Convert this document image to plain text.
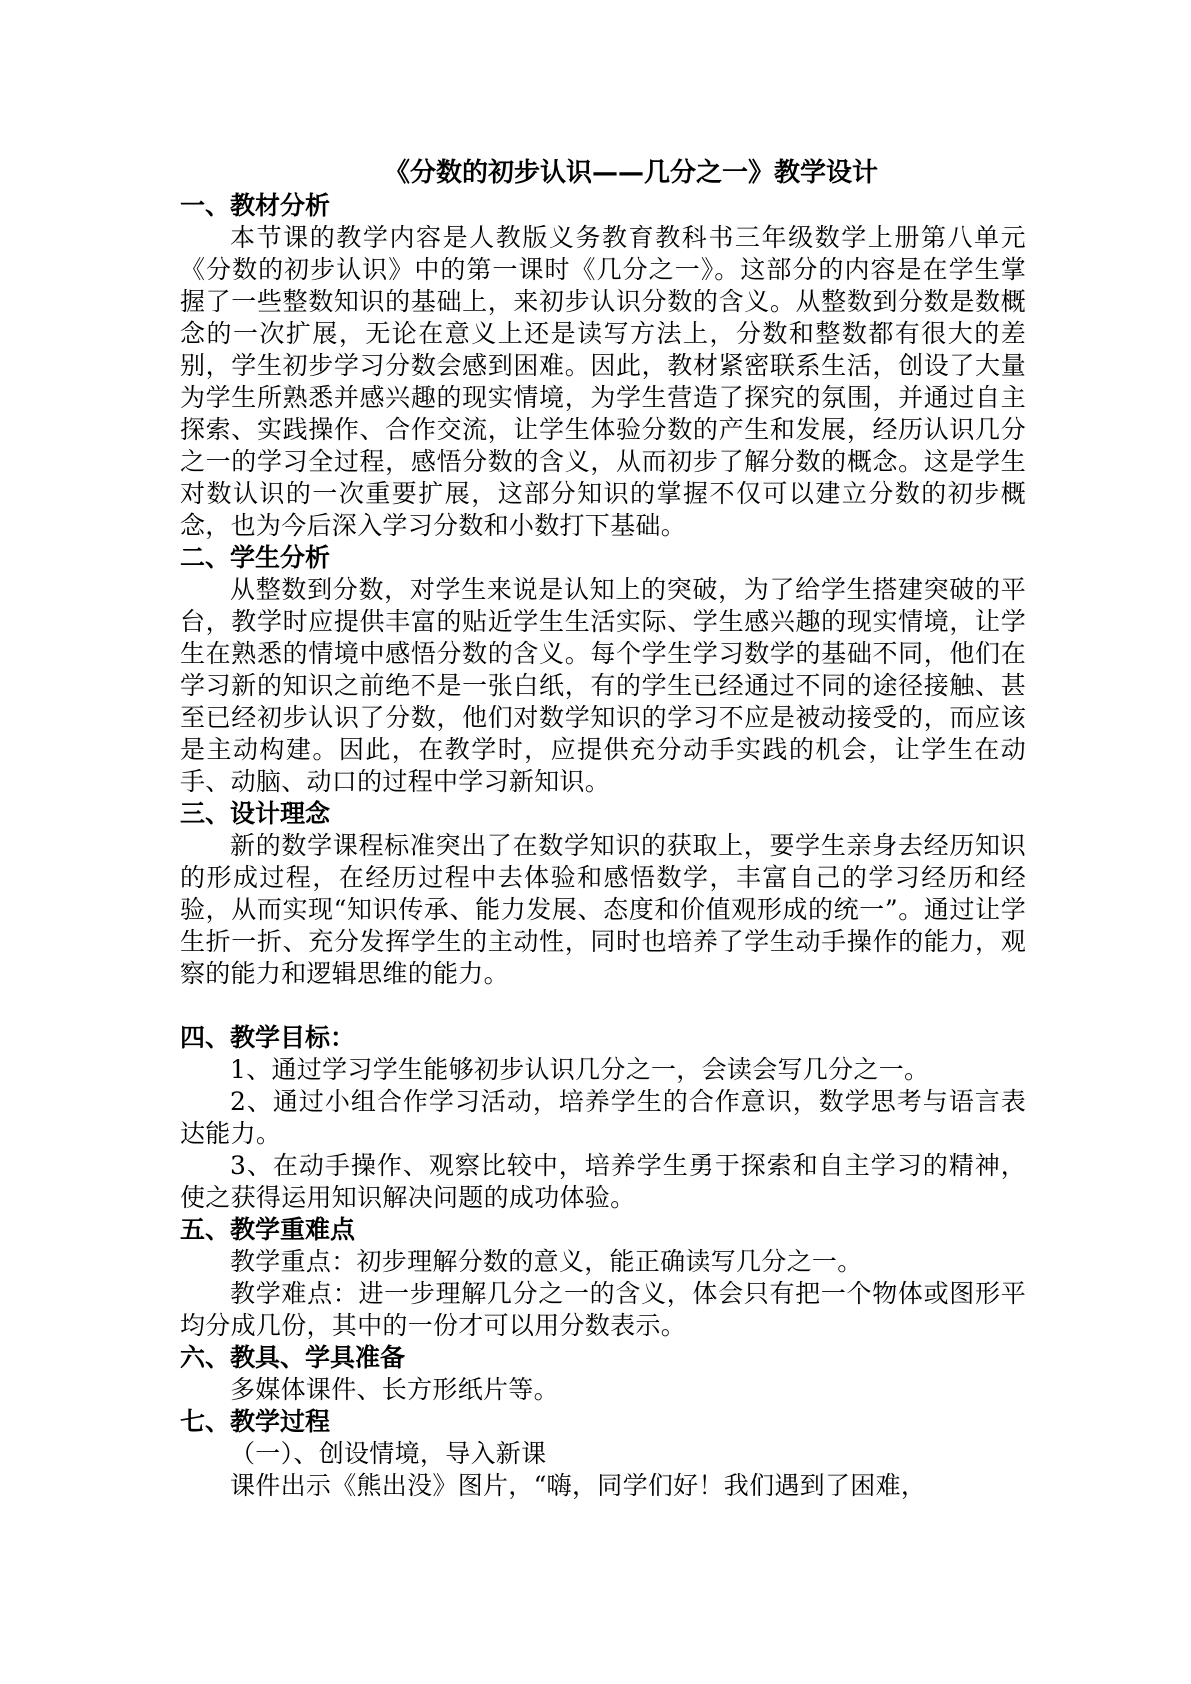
《分数的初步认识——几分之一》教学设计
一、教材分析

本节课的教学内容是人教版义务教育教科书三年级数学上册第八单元《分数的初步认识》中的第一课时《几分之一》。这部分的内容是在学生掌握了一些整数知识的基础上，来初步认识分数的含义。从整数到分数是数概念的一次扩展，无论在意义上还是读写方法上，分数和整数都有很大的差别，学生初步学习分数会感到困难。因此，教材紧密联系生活，创设了大量为学生所熟悉并感兴趣的现实情境，为学生营造了探究的氛围，并通过自主探索、实践操作、合作交流，让学生体验分数的产生和发展，经历认识几分之一的学习全过程，感悟分数的含义，从而初步了解分数的概念。这是学生对数认识的一次重要扩展，这部分知识的掌握不仅可以建立分数的初步概念，也为今后深入学习分数和小数打下基础。

二、学生分析

从整数到分数，对学生来说是认知上的突破，为了给学生搭建突破的平台，教学时应提供丰富的贴近学生生活实际、学生感兴趣的现实情境，让学生在熟悉的情境中感悟分数的含义。每个学生学习数学的基础不同，他们在学习新的知识之前绝不是一张白纸，有的学生已经通过不同的途径接触、甚至已经初步认识了分数，他们对数学知识的学习不应是被动接受的，而应该是主动构建。因此，在教学时，应提供充分动手实践的机会，让学生在动手、动脑、动口的过程中学习新知识。

三、设计理念

新的数学课程标准突出了在数学知识的获取上，要学生亲身去经历知识的形成过程，在经历过程中去体验和感悟数学，丰富自己的学习经历和经验，从而实现“知识传承、能力发展、态度和价值观形成的统一”。通过让学生折一折、充分发挥学生的主动性，同时也培养了学生动手操作的能力，观察的能力和逻辑思维的能力。

四、教学目标：

1、通过学习学生能够初步认识几分之一，会读会写几分之一。

2、通过小组合作学习活动，培养学生的合作意识，数学思考与语言表达能力。

3、在动手操作、观察比较中，培养学生勇于探索和自主学习的精神，使之获得运用知识解决问题的成功体验。

五、教学重难点

教学重点：初步理解分数的意义，能正确读写几分之一。

教学难点：进一步理解几分之一的含义，体会只有把一个物体或图形平均分成几份，其中的一份才可以用分数表示。

六、教具、学具准备

多媒体课件、长方形纸片等。

七、教学过程

（一）、创设情境，导入新课

课件出示《熊出没》图片，“嗨，同学们好！我们遇到了困难，
